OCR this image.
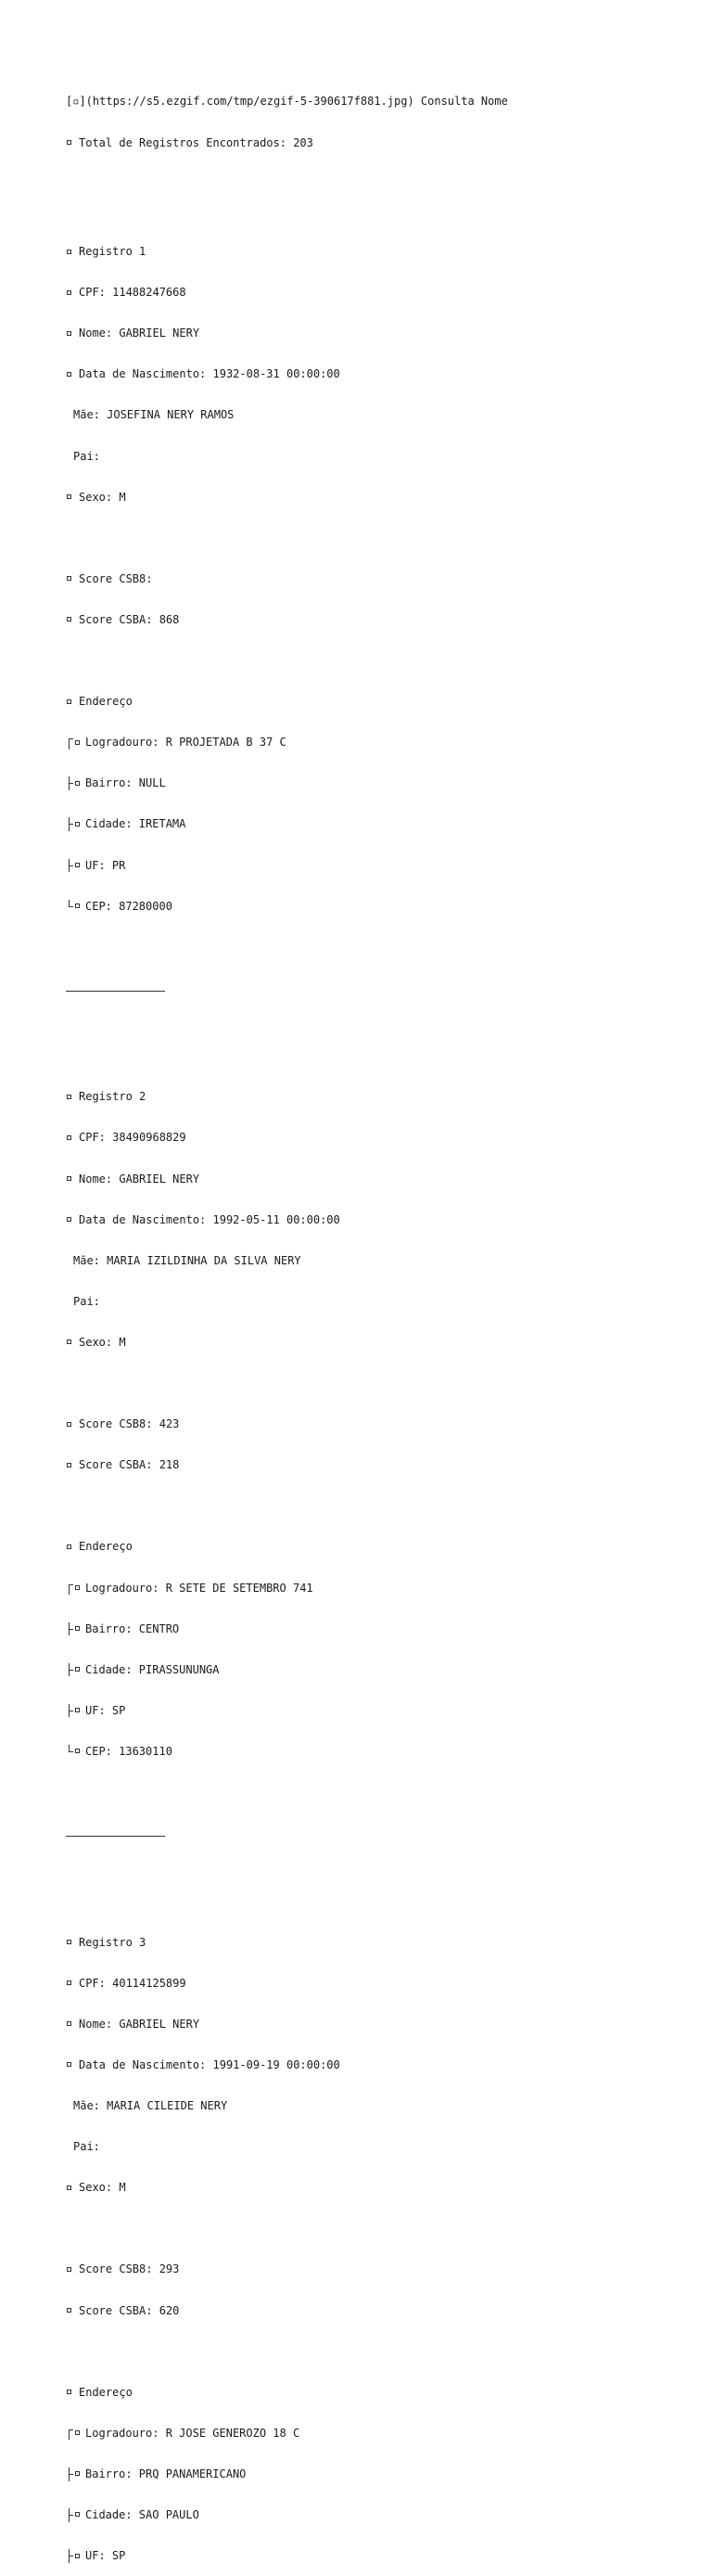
[▫](https://s5.ezgif.com/tmp/ezgif-5-390617f881.jpg) Consulta Nome

Total de Registros Encontrados: 203

Registro 1

CPF: 11488247668

Nome: GABRIEL NERY

Data de Nascimento: 1932-08-31 00:00:00

Mãe: JOSEFINA NERY RAMOS

Pai:

Sexo: M

Score CSB8:

Score CSBA: 868

Endereço

Logradouro: R PROJETADA B 37 C

Bairro: NULL

Cidade: IRETAMA

UF: PR

CEP: 87280000

Registro 2

CPF: 38490968829

Nome: GABRIEL NERY

Data de Nascimento: 1992-05-11 00:00:00

Mãe: MARIA IZILDINHA DA SILVA NERY

Pai:

Sexo: M

Score CSB8: 423

Score CSBA: 218

Endereço

Logradouro: R SETE DE SETEMBRO 741

Bairro: CENTRO

Cidade: PIRASSUNUNGA

UF: SP

CEP: 13630110

Registro 3

CPF: 40114125899

Nome: GABRIEL NERY

Data de Nascimento: 1991-09-19 00:00:00

Mãe: MARIA CILEIDE NERY

Pai:

Sexo: M

Score CSB8: 293

Score CSBA: 620

Endereço

Logradouro: R JOSE GENEROZO 18 C

Bairro: PRQ PANAMERICANO

Cidade: SAO PAULO

UF: SP
